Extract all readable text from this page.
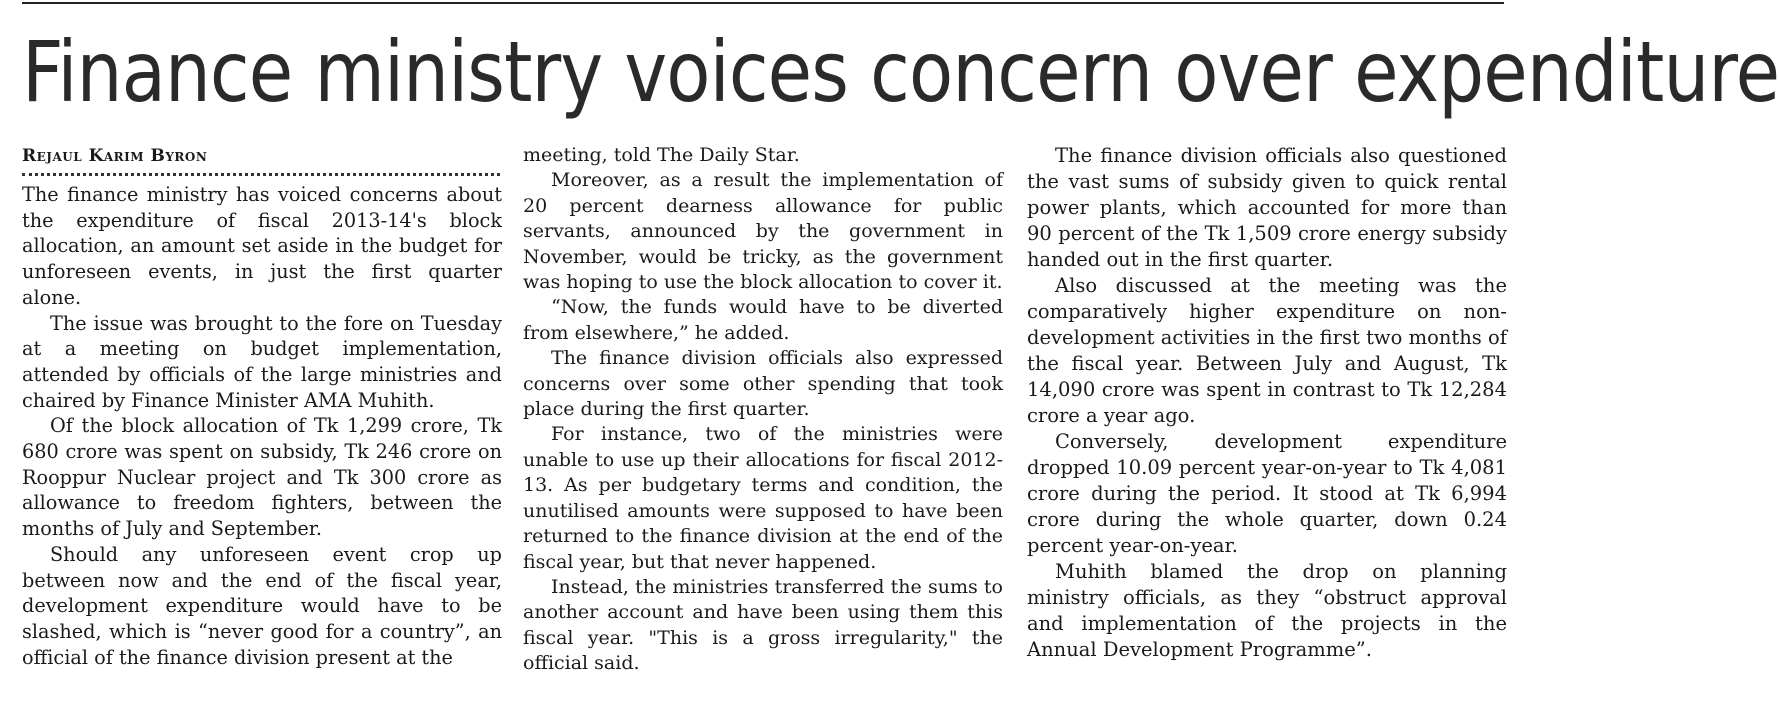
Finance ministry voices concern over expenditure
Rejaul Karim Byron

The finance ministry has voiced concerns about the expenditure of fiscal 2013-14's block allocation, an amount set aside in the budget for unforeseen events, in just the first quarter alone.

The issue was brought to the fore on Tuesday at a meeting on budget implementation, attended by officials of the large ministries and chaired by Finance Minister AMA Muhith.

Of the block allocation of Tk 1,299 crore, Tk 680 crore was spent on subsidy, Tk 246 crore on Rooppur Nuclear project and Tk 300 crore as allowance to freedom fighters, between the months of July and September.

Should any unforeseen event crop up between now and the end of the fiscal year, development expenditure would have to be slashed, which is “never good for a country”, an official of the finance division present at the

meeting, told The Daily Star.

Moreover, as a result the implementation of 20 percent dearness allowance for public servants, announced by the government in November, would be tricky, as the government was hoping to use the block allocation to cover it.

“Now, the funds would have to be diverted from elsewhere,” he added.

The finance division officials also expressed concerns over some other spending that took place during the first quarter.

For instance, two of the ministries were unable to use up their allocations for fiscal 2012-13. As per budgetary terms and condition, the unutilised amounts were supposed to have been returned to the finance division at the end of the fiscal year, but that never happened.

Instead, the ministries transferred the sums to another account and have been using them this fiscal year. "This is a gross irregularity," the official said.

The finance division officials also questioned the vast sums of subsidy given to quick rental power plants, which accounted for more than 90 percent of the Tk 1,509 crore energy subsidy handed out in the first quarter.

Also discussed at the meeting was the comparatively higher expenditure on non-development activities in the first two months of the fiscal year. Between July and August, Tk 14,090 crore was spent in contrast to Tk 12,284 crore a year ago.

Conversely, development expenditure dropped 10.09 percent year-on-year to Tk 4,081 crore during the period. It stood at Tk 6,994 crore during the whole quarter, down 0.24 percent year-on-year.

Muhith blamed the drop on planning ministry officials, as they “obstruct approval and implementation of the projects in the Annual Development Programme”.
